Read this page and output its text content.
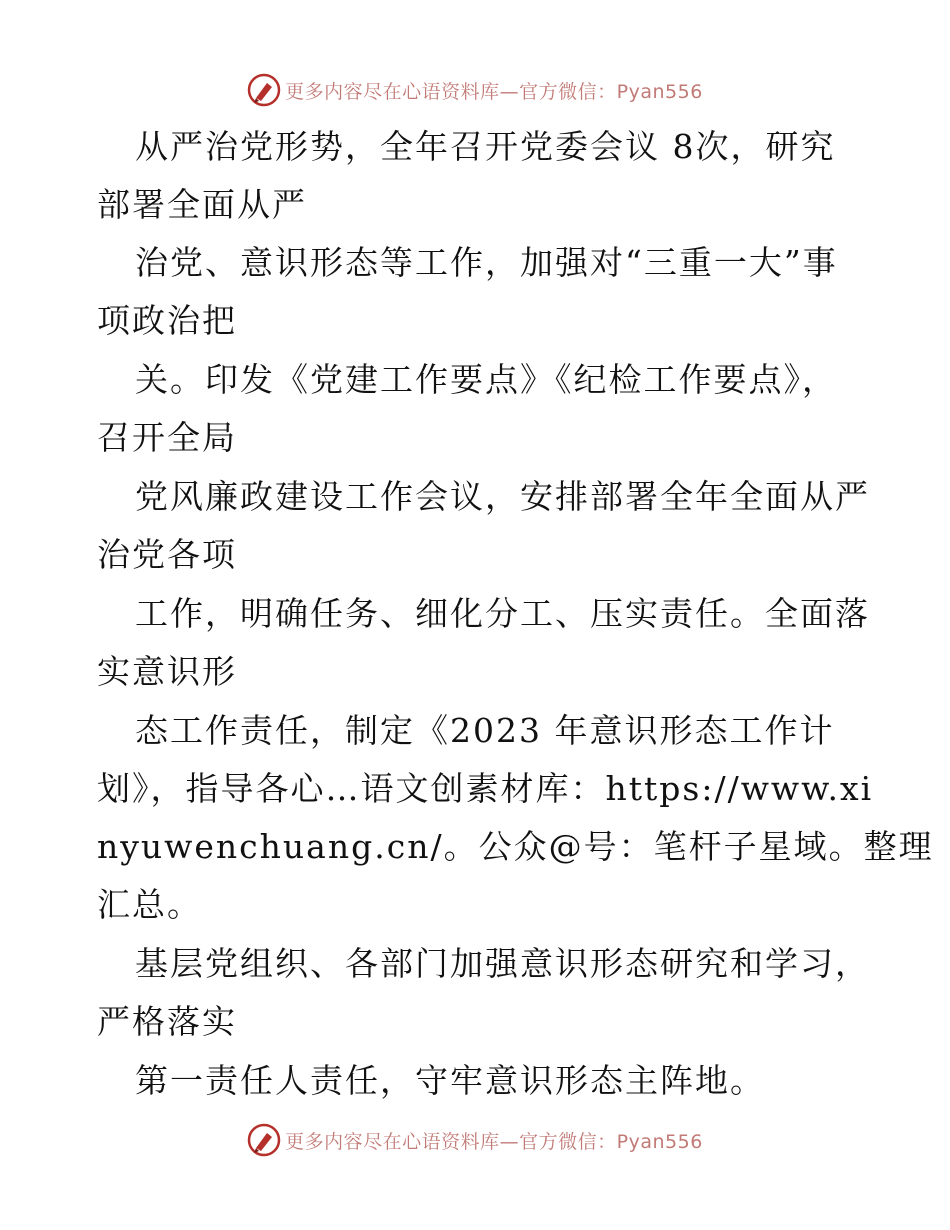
更多内容尽在心语资料库—官方微信：Pyan556
从严治党形势，全年召开党委会议 8次，研究
部署全面从严
治党、意识形态等工作，加强对“三重一大”事
项政治把
关。印发《党建工作要点》《纪检工作要点》，
召开全局
党风廉政建设工作会议，安排部署全年全面从严
治党各项
工作，明确任务、细化分工、压实责任。全面落
实意识形
态工作责任，制定《2023 年意识形态工作计
划》，指导各心…语文创素材库：https://www.xi
nyuwenchuang.cn/。公众@号：笔杆子星域。整理
汇总。
基层党组织、各部门加强意识形态研究和学习，
严格落实
第一责任人责任，守牢意识形态主阵地。
更多内容尽在心语资料库—官方微信：Pyan556
